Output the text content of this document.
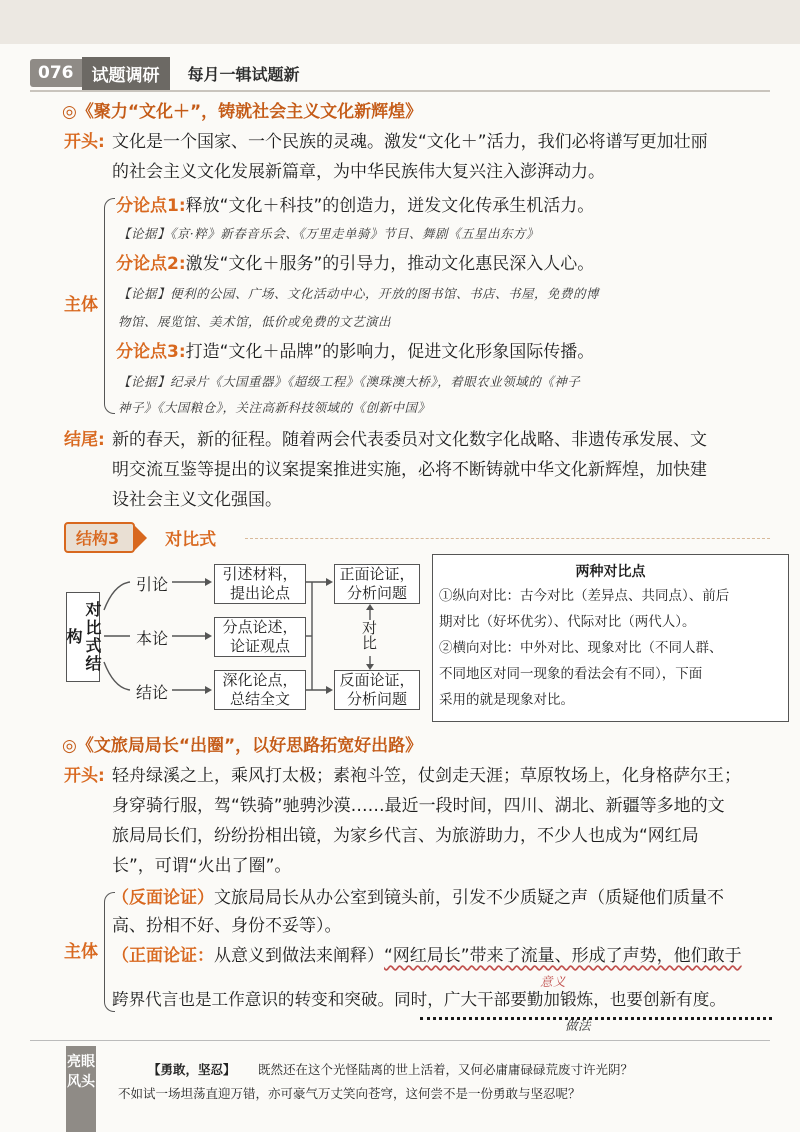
076	试题调研	每月一辑试题新
◎《聚力“文化＋”，铸就社会主义文化新辉煌》
开头: 文化是一个国家、一个民族的灵魂。激发“文化＋”活力，我们必将谱写更加壮丽
的社会主义文化发展新篇章，为中华民族伟大复兴注入澎湃动力。
主体
分论点1:释放“文化＋科技”的创造力，迸发文化传承生机活力。
【论据】《京·粹》新春音乐会、《万里走单骑》节目、舞剧《五星出东方》
分论点2:激发“文化＋服务”的引导力，推动文化惠民深入人心。
【论据】便利的公园、广场、文化活动中心，开放的图书馆、书店、书屋，免费的博
物馆、展览馆、美术馆，低价或免费的文艺演出
分论点3:打造“文化＋品牌”的影响力，促进文化形象国际传播。
【论据】纪录片《大国重器》《超级工程》《澳珠澳大桥》，着眼农业领域的《神子
神子》《大国粮仓》，关注高新科技领域的《创新中国》
结尾: 新的春天，新的征程。随着两会代表委员对文化数字化战略、非遗传承发展、文
明交流互鉴等提出的议案提案推进实施，必将不断铸就中华文化新辉煌，加快建
设社会主义文化强国。
结构3	对比式
对比式结构
引论
本论
结论
引述材料，提出论点
分点论述，论证观点
深化论点，总结全文
正面论证，分析问题
反面论证，分析问题
对比
两种对比点
①纵向对比：古今对比（差异点、共同点）、前后
期对比（好坏优劣）、代际对比（两代人）。
②横向对比：中外对比、现象对比（不同人群、
不同地区对同一现象的看法会有不同），下面
采用的就是现象对比。
◎《文旅局局长“出圈”，以好思路拓宽好出路》
开头: 轻舟绿溪之上，乘风打太极；素袍斗笠，仗剑走天涯；草原牧场上，化身格萨尔王；
身穿骑行服，驾“铁骑”驰骋沙漠……最近一段时间，四川、湖北、新疆等多地的文
旅局局长们，纷纷扮相出镜，为家乡代言、为旅游助力，不少人也成为“网红局
长”，可谓“火出了圈”。
主体
（反面论证）文旅局局长从办公室到镜头前，引发不少质疑之声（质疑他们质量不
高、扮相不好、身份不妥等）。
（正面论证：从意义到做法来阐释）“网红局长”带来了流量、形成了声势，他们敢于
意义
跨界代言也是工作意识的转变和突破。同时，广大干部要勤加锻炼，也要创新有度。
做法
亮眼风头
【勇敢，坚忍】 既然还在这个光怪陆离的世上活着，又何必庸庸碌碌荒废寸许光阴？
不如试一场坦荡直迎万错，亦可豪气万丈笑向苍穹，这何尝不是一份勇敢与坚忍呢？
